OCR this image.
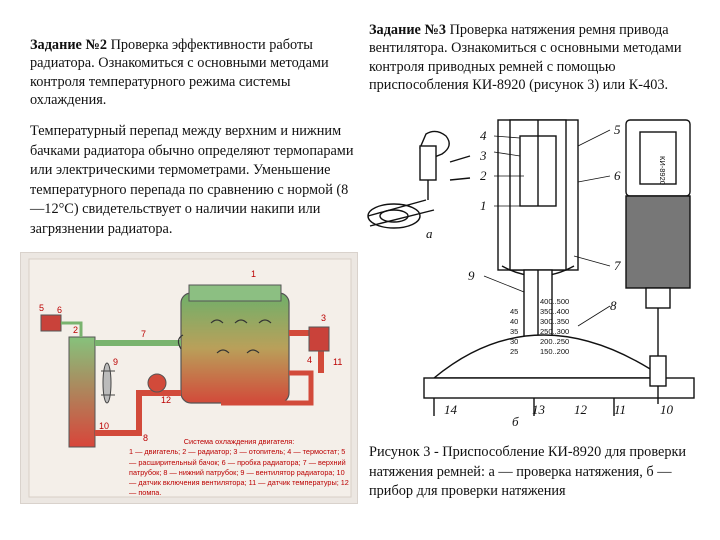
Задание №2 Проверка эффективности работы радиатора. Ознакомиться с основными методами контроля температурного режима системы охлаждения.
Температурный перепад между верхним и нижним бачками радиатора обычно определяют термопарами или электрическими термометрами. Уменьшение температурного перепада по сравнению с нормой (8—12°С) свидетельствует о наличии накипи или загрязнении радиатора.
Задание №3 Проверка натяжения ремня привода вентилятора. Ознакомиться с основными методами контроля приводных ремней с помощью приспособления КИ-8920 (рисунок 3) или К-403.
1
2
3
4
5 6
7
8
9
10
11
12
Система охлаждения двигателя:
1 — двигатель; 2 — радиатор; 3 — отопитель; 4 — термостат; 5 — расширительный бачок; 6 — пробка радиатора; 7 — верхний патрубок; 8 — нижний патрубок; 9 — вентилятор радиатора; 10 — датчик включения вентилятора; 11 — датчик температуры; 12 — помпа.
400..500
350..400
300..350
250..300
200..250
150..200
45
40
35
30
25
КИ-8920
4
3
2
1
5
6
7
8
9
14	13 12 11	10
а
б
Рисунок 3 - Приспособление КИ-8920 для проверки натяжения ремней: а — проверка натяжения, б — прибор для проверки натяжения
